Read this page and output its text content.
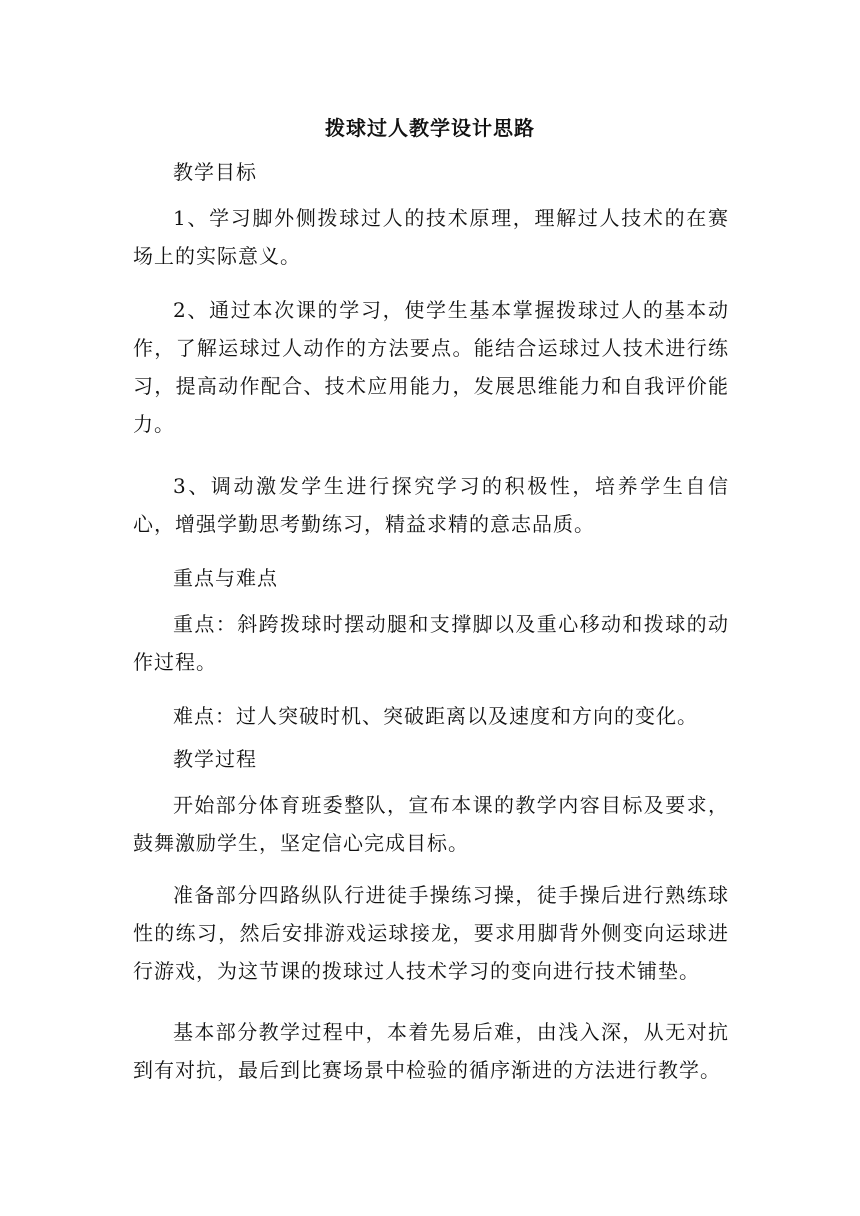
拨球过人教学设计思路

教学目标

1、学习脚外侧拨球过人的技术原理，理解过人技术的在赛场上的实际意义。

2、通过本次课的学习，使学生基本掌握拨球过人的基本动作，了解运球过人动作的方法要点。能结合运球过人技术进行练习，提高动作配合、技术应用能力，发展思维能力和自我评价能力。

3、调动激发学生进行探究学习的积极性，培养学生自信心，增强学勤思考勤练习，精益求精的意志品质。

重点与难点

重点：斜跨拨球时摆动腿和支撑脚以及重心移动和拨球的动作过程。

难点：过人突破时机、突破距离以及速度和方向的变化。

教学过程

开始部分体育班委整队，宣布本课的教学内容目标及要求，鼓舞激励学生，坚定信心完成目标。

准备部分四路纵队行进徒手操练习操，徒手操后进行熟练球性的练习，然后安排游戏运球接龙，要求用脚背外侧变向运球进行游戏，为这节课的拨球过人技术学习的变向进行技术铺垫。

基本部分教学过程中，本着先易后难，由浅入深，从无对抗到有对抗，最后到比赛场景中检验的循序渐进的方法进行教学。
